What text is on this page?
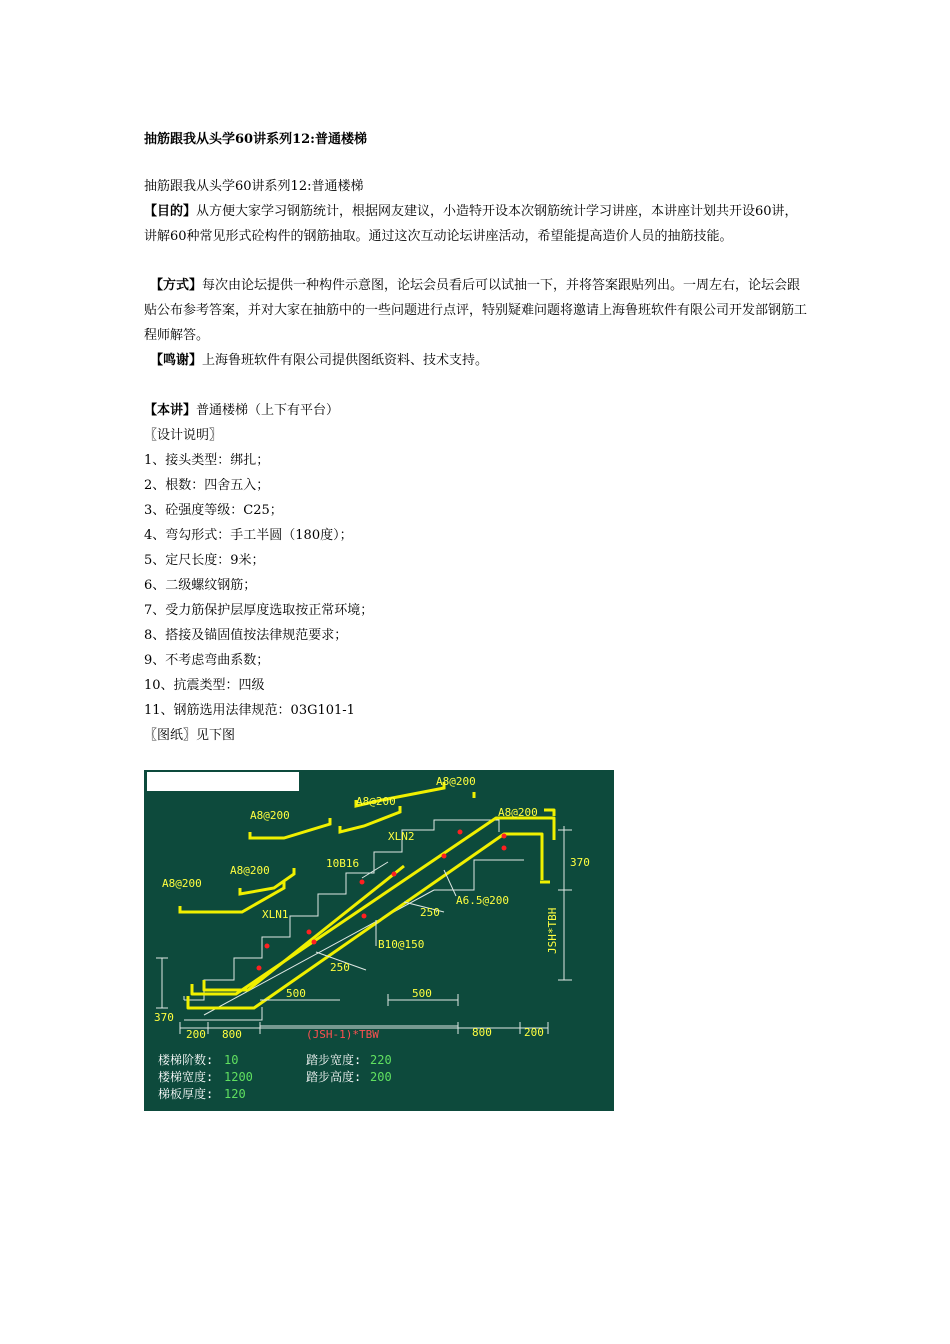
抽筋跟我从头学60讲系列12:普通楼梯
抽筋跟我从头学60讲系列12:普通楼梯
【目的】从方便大家学习钢筋统计，根据网友建议，小造特开设本次钢筋统计学习讲座，本讲座计划共开设60讲，讲解60种常见形式砼构件的钢筋抽取。通过这次互动论坛讲座活动，希望能提高造价人员的抽筋技能。
【方式】每次由论坛提供一种构件示意图，论坛会员看后可以试抽一下，并将答案跟贴列出。一周左右，论坛会跟贴公布参考答案，并对大家在抽筋中的一些问题进行点评，特别疑难问题将邀请上海鲁班软件有限公司开发部钢筋工程师解答。
【鸣谢】上海鲁班软件有限公司提供图纸资料、技术支持。
【本讲】普通楼梯（上下有平台）
〖设计说明〗
1、接头类型：绑扎；
2、根数：四舍五入；
3、砼强度等级：C25；
4、弯勾形式：手工半圆（180度）；
5、定尺长度：9米；
6、二级螺纹钢筋；
7、受力筋保护层厚度选取按正常环境；
8、搭接及锚固值按法律规范要求；
9、不考虑弯曲系数；
10、抗震类型：四级
11、钢筋选用法律规范：03G101-1
〖图纸〗见下图
A8@200
A8@200
A8@200
A8@200
A8@200
A8@200
XLN2
XLN1
10B16
A6.5@200
B10@150
250
250
370
370
500	500
200 800	(JSH-1)*TBW	800	200
JSH*TBH
楼梯阶数: 10
楼梯宽度: 1200
梯板厚度: 120
踏步宽度: 220
踏步高度: 200
